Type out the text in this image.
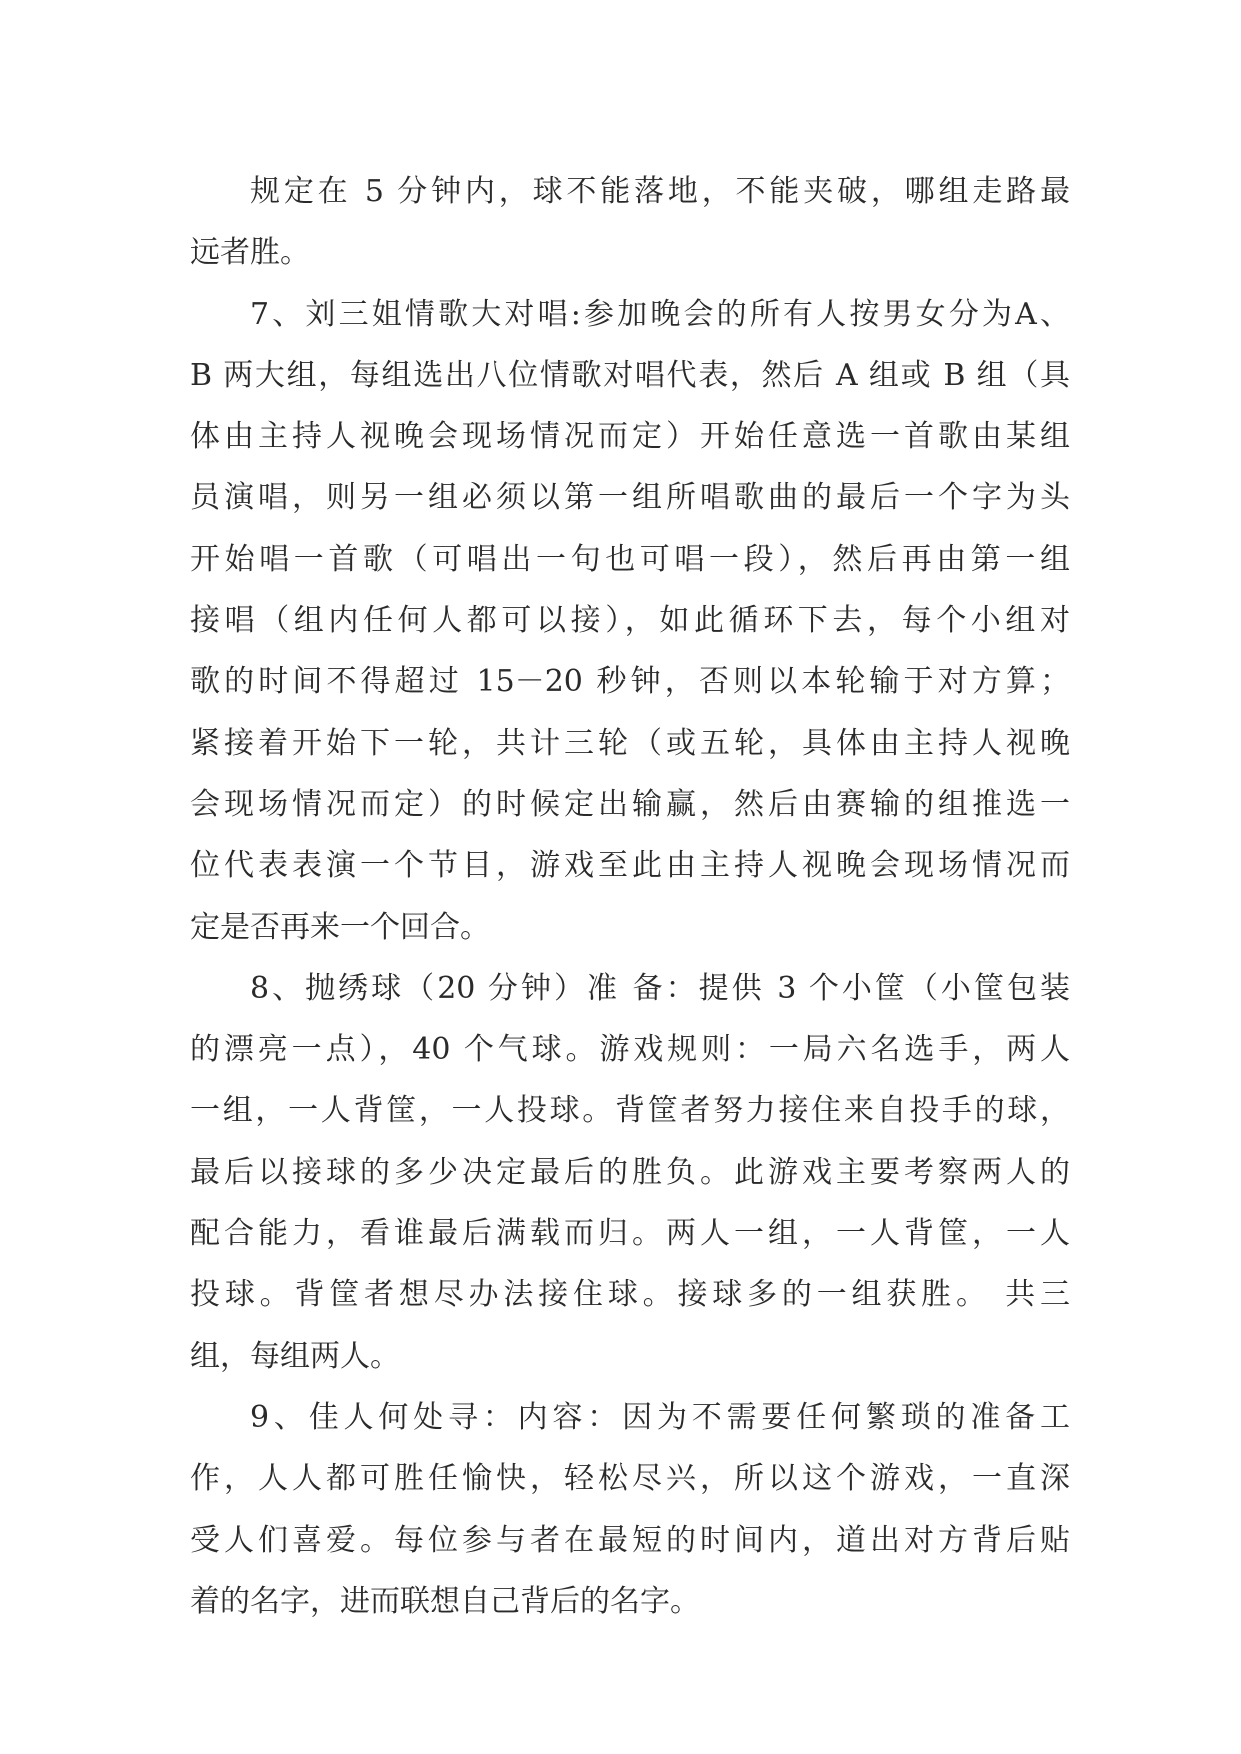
规定在 5 分钟内，球不能落地，不能夹破，哪组走路最
远者胜。
7、刘三姐情歌大对唱:参加晚会的所有人按男女分为A、
B 两大组，每组选出八位情歌对唱代表，然后 A 组或 B 组（具
体由主持人视晚会现场情况而定）开始任意选一首歌由某组
员演唱，则另一组必须以第一组所唱歌曲的最后一个字为头
开始唱一首歌（可唱出一句也可唱一段），然后再由第一组
接唱（组内任何人都可以接），如此循环下去，每个小组对
歌的时间不得超过 15－20 秒钟，否则以本轮输于对方算；
紧接着开始下一轮，共计三轮（或五轮，具体由主持人视晚
会现场情况而定）的时候定出输赢，然后由赛输的组推选一
位代表表演一个节目，游戏至此由主持人视晚会现场情况而
定是否再来一个回合。
8、抛绣球（20 分钟）准 备：提供 3 个小筐（小筐包装
的漂亮一点），40 个气球。游戏规则：一局六名选手，两人
一组，一人背筐，一人投球。背筐者努力接住来自投手的球，
最后以接球的多少决定最后的胜负。此游戏主要考察两人的
配合能力，看谁最后满载而归。两人一组，一人背筐，一人
投球。背筐者想尽办法接住球。接球多的一组获胜。 共三
组，每组两人。
9、佳人何处寻：内容：因为不需要任何繁琐的准备工
作，人人都可胜任愉快，轻松尽兴，所以这个游戏，一直深
受人们喜爱。每位参与者在最短的时间内，道出对方背后贴
着的名字，进而联想自己背后的名字。
